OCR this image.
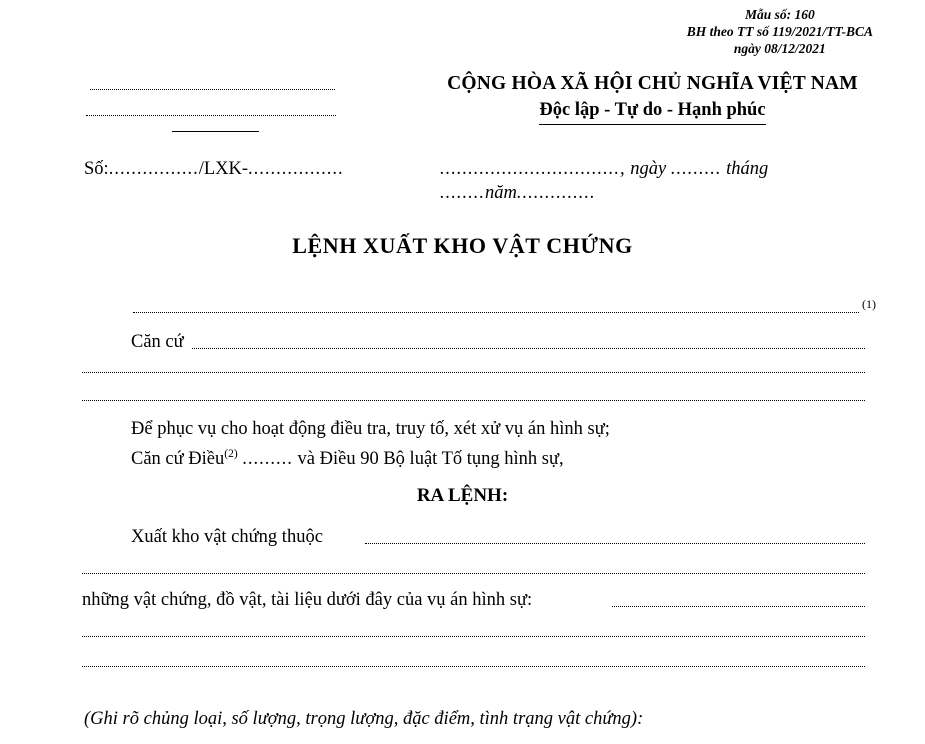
Mẫu số: 160
BH theo TT số 119/2021/TT-BCA
ngày 08/12/2021
Số:................/LXK-.................
CỘNG HÒA XÃ HỘI CHỦ NGHĨA VIỆT NAM
Độc lập - Tự do - Hạnh phúc
................................, ngày ......... tháng ........năm..............
LỆNH XUẤT KHO VẬT CHỨNG
(1)
Căn cứ
Để phục vụ cho hoạt động điều tra, truy tố, xét xử vụ án hình sự;
Căn cứ Điều$^{(2)}$ ......... và Điều 90 Bộ luật Tố tụng hình sự,
RA LỆNH:
Xuất kho vật chứng thuộc
những vật chứng, đồ vật, tài liệu dưới đây của vụ án hình sự:
(Ghi rõ chủng loại, số lượng, trọng lượng, đặc điểm, tình trạng vật chứng):
